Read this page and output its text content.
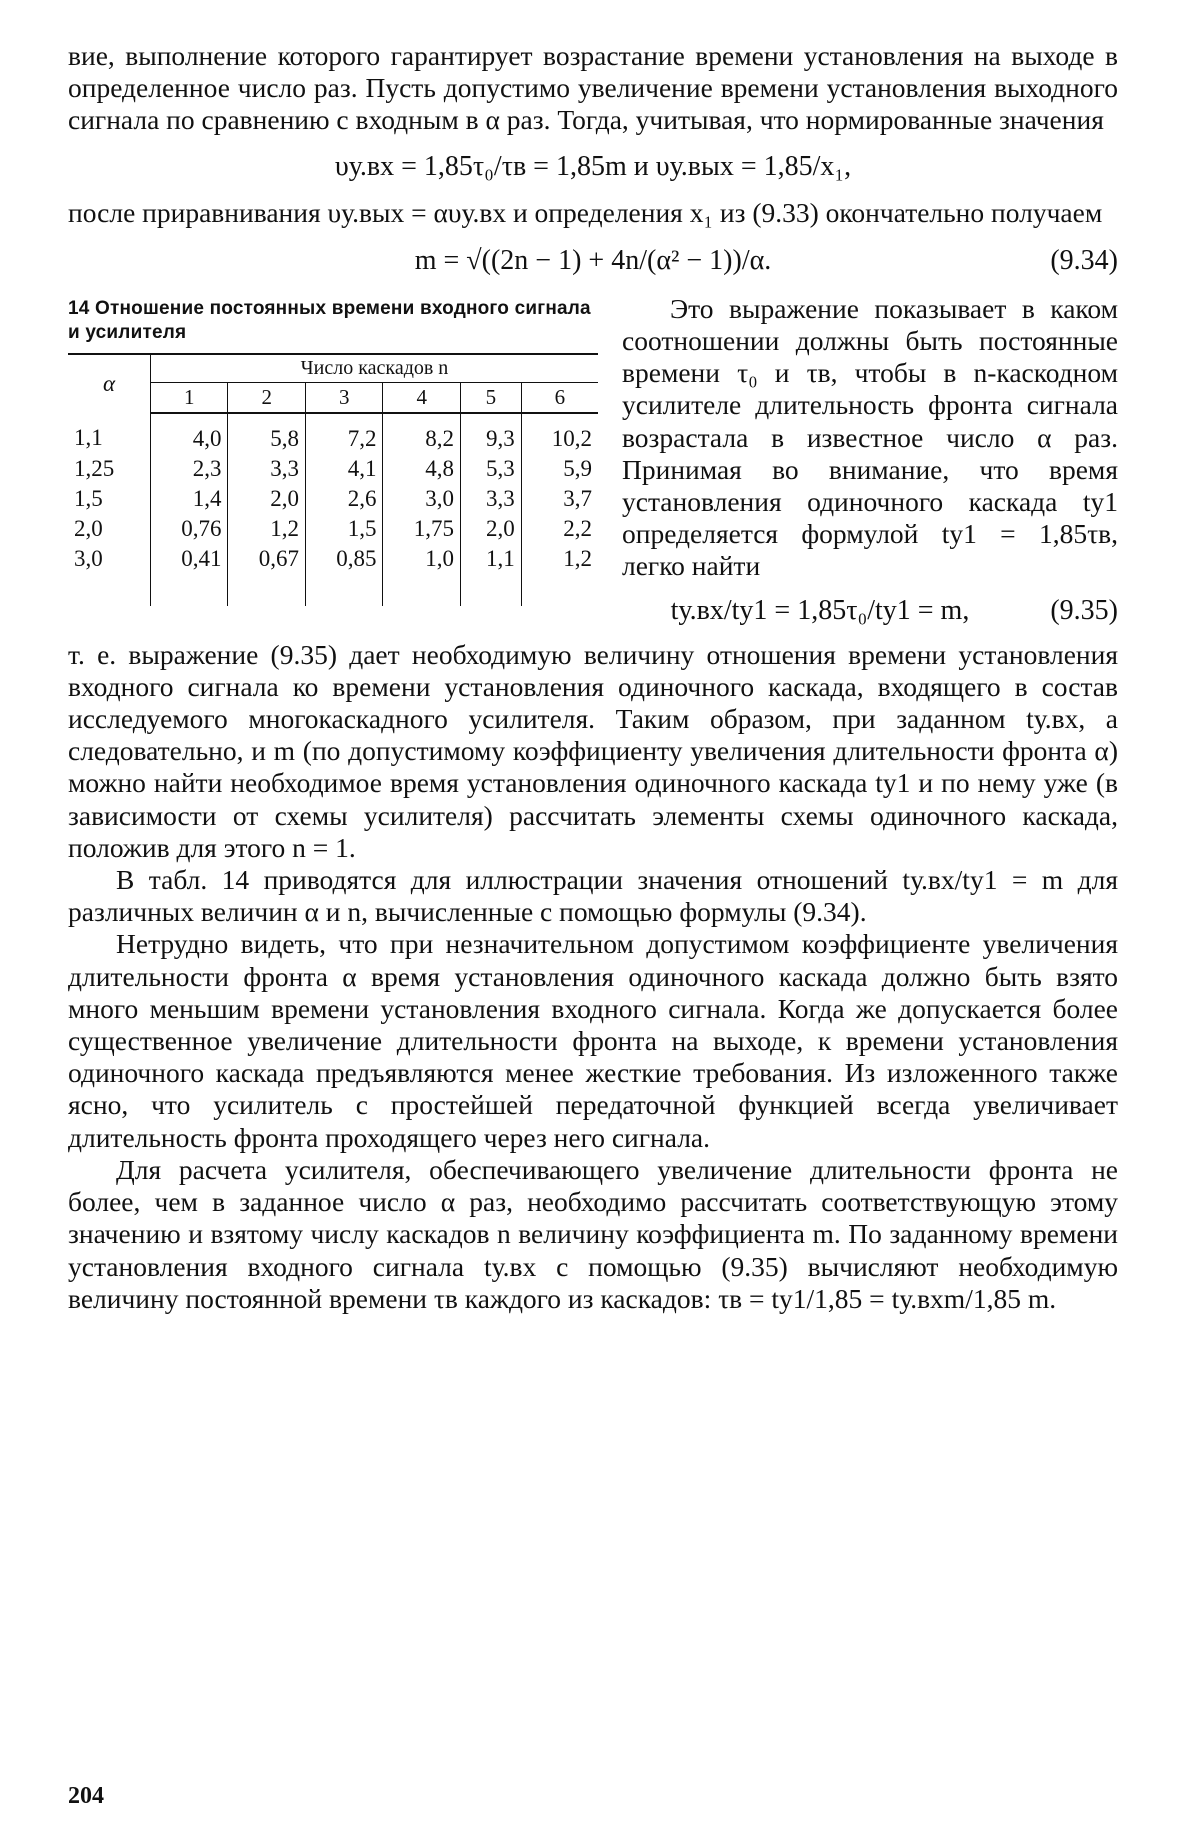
вие, выполнение которого гарантирует возрастание времени установления на выходе в определенное число раз. Пусть допустимо увеличение времени установления выходного сигнала по сравнению с входным в α раз. Тогда, учитывая, что нормированные значения

υу.вх = 1,85τ₀/τв = 1,85m и υу.вых = 1,85/x₁,

после приравнивания υу.вых = αυу.вх и определения x₁ из (9.33) окончательно получаем

m = √((2n − 1) + 4n/(α² − 1))/α.	(9.34)
14 Отношение постоянных времени входного сигнала и усилителя
α	Число каскадов n					
	1	2	3	4	5	6
1,1	4,0	5,8	7,2	8,2	9,3	10,2
1,25	2,3	3,3	4,1	4,8	5,3	5,9
1,5	1,4	2,0	2,6	3,0	3,3	3,7
2,0	0,76	1,2	1,5	1,75	2,0	2,2
3,0	0,41	0,67	0,85	1,0	1,1	1,2

Это выражение показывает в каком соотношении должны быть постоянные времени τ₀ и τв, чтобы в n-каскодном усилителе длительность фронта сигнала возрастала в известное число α раз. Принимая во внимание, что время установления одиночного каскада tу1 определяется формулой tу1 = 1,85τв, легко найти

tу.вх/tу1 = 1,85τ₀/tу1 = m,	(9.35)

т. е. выражение (9.35) дает необходимую величину отношения времени установления входного сигнала ко времени установления одиночного каскада, входящего в состав исследуемого многокаскадного усилителя. Таким образом, при заданном tу.вх, а следовательно, и m (по допустимому коэффициенту увеличения длительности фронта α) можно найти необходимое время установления одиночного каскада tу1 и по нему уже (в зависимости от схемы усилителя) рассчитать элементы схемы одиночного каскада, положив для этого n = 1.

В табл. 14 приводятся для иллюстрации значения отношений tу.вх/tу1 = m для различных величин α и n, вычисленные с помощью формулы (9.34).

Нетрудно видеть, что при незначительном допустимом коэффициенте увеличения длительности фронта α время установления одиночного каскада должно быть взято много меньшим времени установления входного сигнала. Когда же допускается более существенное увеличение длительности фронта на выходе, к времени установления одиночного каскада предъявляются менее жесткие требования. Из изложенного также ясно, что усилитель с простейшей передаточной функцией всегда увеличивает длительность фронта проходящего через него сигнала.

Для расчета усилителя, обеспечивающего увеличение длительности фронта не более, чем в заданное число α раз, необходимо рассчитать соответствующую этому значению и взятому числу каскадов n величину коэффициента m. По заданному времени установления входного сигнала tу.вх с помощью (9.35) вычисляют необходимую величину постоянной времени τв каждого из каскадов: τв = tу1/1,85 = tу.вхm/1,85 m.

204
